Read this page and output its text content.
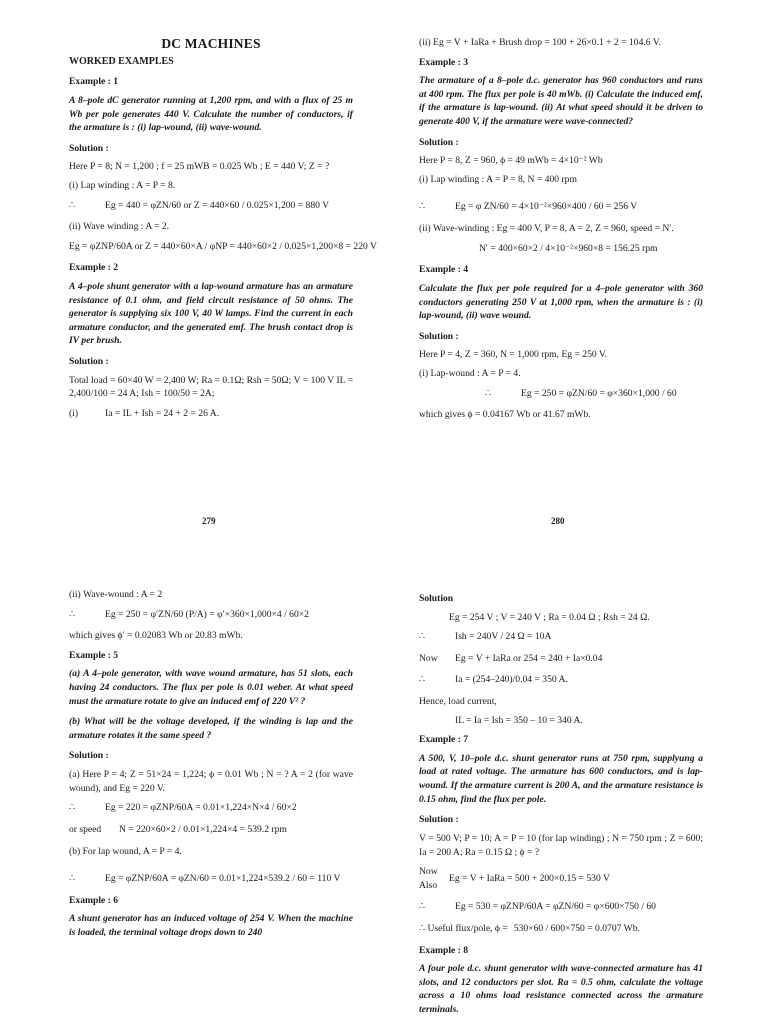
DC MACHINES
WORKED EXAMPLES
Example : 1
A 8–pole dC generator running at 1,200 rpm, and with a flux of 25 m Wb per pole generates 440 V. Calculate the number of conductors, if the armature is : (i) lap-wound, (ii) wave-wound.
Solution :
Here P = 8; N = 1,200 ; f = 25 mWB = 0.025 Wb ; E = 440 V; Z = ?
(i) Lap winding : A = P = 8.
∴	Eg = 440 = φZN/60 or Z = 440×60 / 0.025×1,200 = 880 V
(ii) Wave winding : A = 2.
Eg = φZNP/60A or Z = 440×60×A / φNP = 440×60×2 / 0.025×1,200×8 = 220 V
Example : 2
A 4–pole shunt generator with a lap-wound armature has an armature resistance of 0.1 ohm, and field circuit resistance of 50 ohms. The generator is supplying six 100 V, 40 W lamps. Find the current in each armature conductor, and the generated emf. The brush contact drop is IV per brush.
Solution :
Total load = 60×40 W = 2,400 W; Ra = 0.1Ω; Rsh = 50Ω; V = 100 V IL = 2,400/100 = 24 A; Ish = 100/50 = 2A;
(i)	Ia = IL + Ish = 24 + 2 = 26 A.
279
(ii) Eg = V + IaRa + Brush drop = 100 + 26×0.1 + 2 = 104.6 V.
Example : 3
The armature of a 8–pole d.c. generator has 960 conductors and runs at 400 rpm. The flux per pole is 40 mWb. (i) Calculate the induced emf, if the armature is lap-wound. (ii) At what speed should it be driven to generate 400 V, if the armature were wave-connected?
Solution :
Here P = 8, Z = 960, ϕ = 49 mWb = 4×10⁻² Wb
(i) Lap winding : A = P = 8, N = 400 rpm
∴	Eg = φ ZN/60 = 4×10⁻²×960×400 / 60 = 256 V
(ii) Wave-winding : Eg = 400 V, P = 8, A = 2, Z = 960, speed = N′.
N′ = 400×60×2 / 4×10⁻²×960×8 = 156.25 rpm
Example : 4
Calculate the flux per pole required for a 4–pole generator with 360 conductors generating 250 V at 1,000 rpm, when the armature is : (i) lap-wound, (ii) wave wound.
Solution :
Here P = 4, Z = 360, N = 1,000 rpm, Eg = 250 V.
(i) Lap-wound : A = P = 4.
∴	Eg = 250 = φZN/60 = φ×360×1,000 / 60
which gives ϕ = 0.04167 Wb or 41.67 mWb.
280
(ii) Wave-wound : A = 2
∴	Eg = 250 = φ′ZN/60 (P/A) = φ′×360×1,000×4 / 60×2
which gives ϕ′ = 0.02083 Wb or 20.83 mWb.
Example : 5
(a) A 4–pole generator, with wave wound armature, has 51 slots, each having 24 conductors. The flux per pole is 0.01 weber. At what speed must the armature rotate to give an induced emf of 220 V² ?
(b) What will be the voltage developed, if the winding is lap and the armature rotates it the same speed ?
Solution :
(a) Here P = 4; Z = 51×24 = 1,224; ϕ = 0.01 Wb ; N = ? A = 2 (for wave wound), and Eg = 220 V.
∴	Eg = 220 = φZNP/60A = 0.01×1,224×N×4 / 60×2
or speed	N = 220×60×2 / 0.01×1,224×4 = 539.2 rpm
(b) For lap wound, A = P = 4.
∴	Eg = φZNP/60A = φZN/60 = 0.01×1,224×539.2 / 60 = 110 V
Example : 6
A shunt generator has an induced voltage of 254 V. When the machine is loaded, the terminal voltage drops down to 240
Solution
Eg = 254 V ; V = 240 V ; Ra = 0.04 Ω ; Rsh = 24 Ω.
∴	Ish = 240V / 24 Ω = 10A
Now	Eg = V + IaRa or 254 = 240 + Ia×0.04
∴	Ia = (254–240)/0.04 = 350 A.
Hence, load current,
IL = Ia = Ish = 350 – 10 = 340 A.
Example : 7
A 500, V, 10–pole d.c. shunt generator runs at 750 rpm, supplyung a load at rated voltage. The armature has 600 conductors, and is lap-wound. If the armature current is 200 A, and the armature resistance is 0.15 ohm, find the flux per pole.
Solution :
V = 500 V; P = 10; A = P = 10 (for lap winding) ; N = 750 rpm ; Z = 600; Ia = 200 A; Ra = 0.15 Ω ; ϕ = ?
Now Also
Eg = V + IaRa = 500 + 200×0.15 = 530 V
∴	Eg = 530 = φZNP/60A = φZN/60 = φ×600×750 / 60
∴ Useful flux/pole, ϕ = 530×60 / 600×750 = 0.0707 Wb.
Example : 8
A four pole d.c. shunt generator with wave-connected armature has 41 slots, and 12 conductors per slot. Ra = 0.5 ohm, calculate the voltage across a 10 ohms load resistance connected across the armature terminals.
